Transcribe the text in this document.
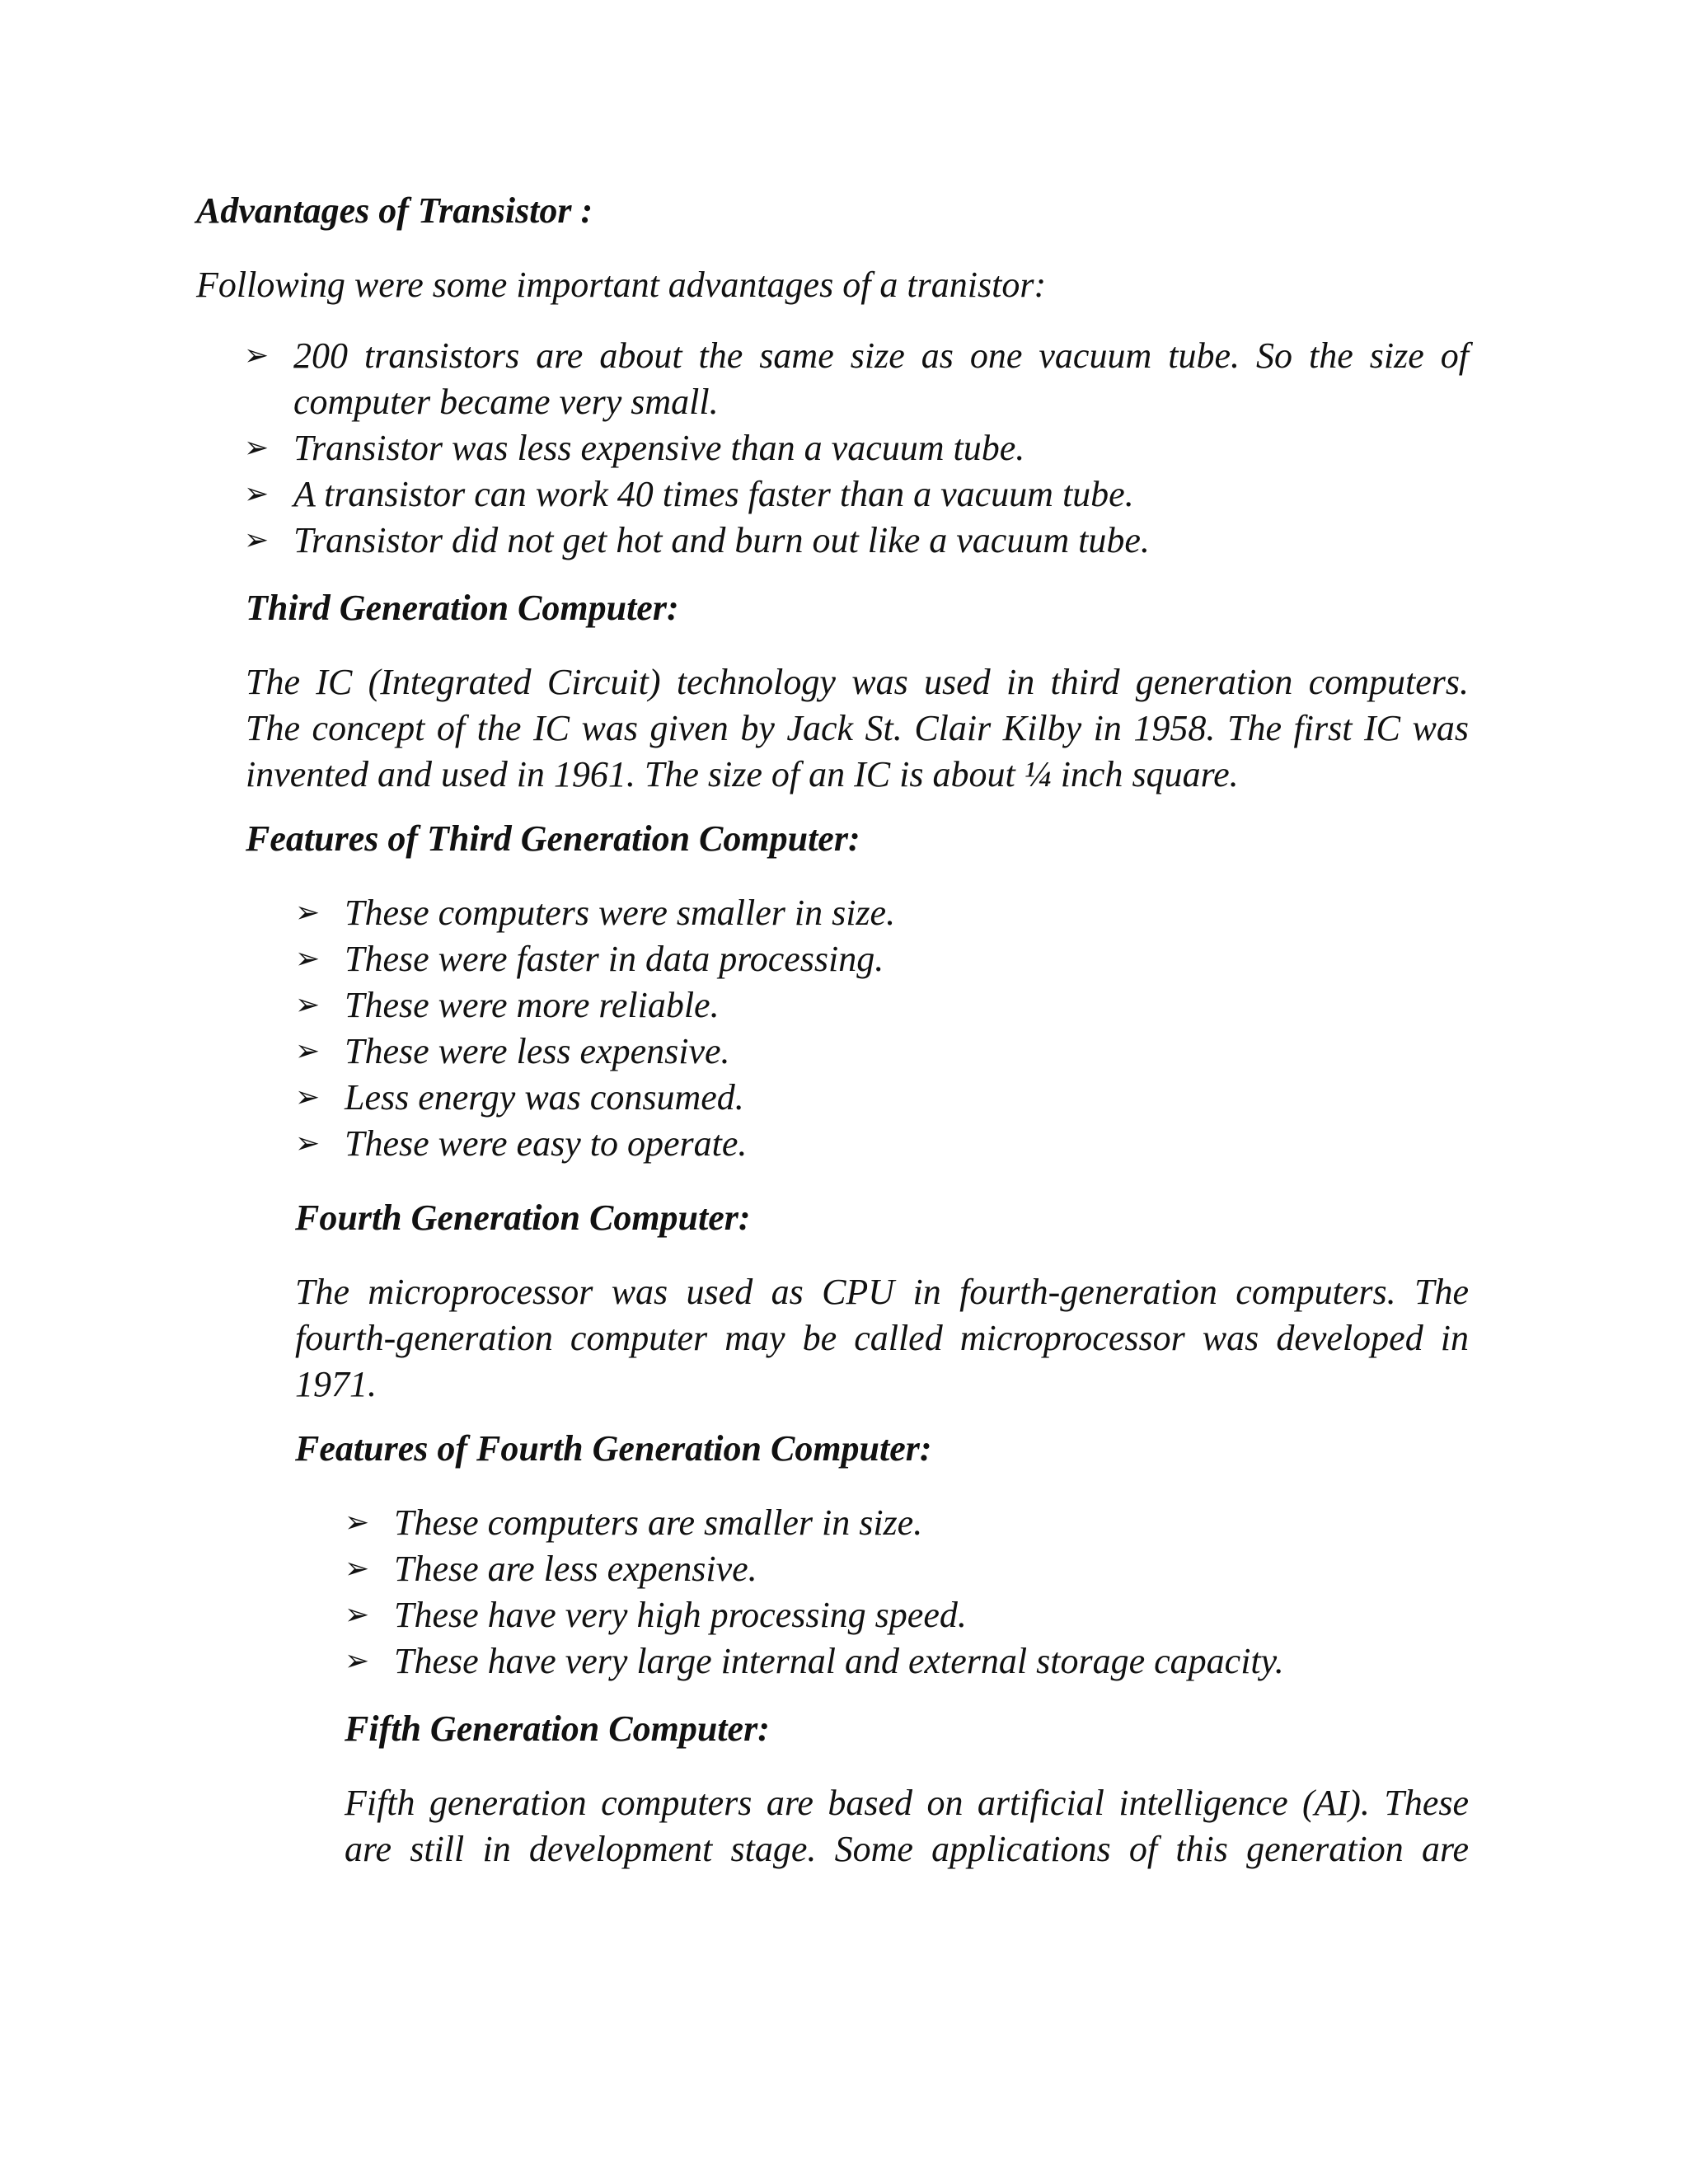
Advantages of Transistor :

Following were some important advantages of a tranistor:

➢ 200 transistors are about the same size as one vacuum tube. So the size of
computer became very small.
➢ Transistor was less expensive than a vacuum tube.
➢ A transistor can work 40 times faster than a vacuum tube.
➢ Transistor did not get hot and burn out like a vacuum tube.
Third Generation Computer:

The IC (Integrated Circuit) technology was used in third generation computers.
The concept of the IC was given by Jack St. Clair Kilby in 1958. The first IC was
invented and used in 1961. The size of an IC is about ¼ inch square.

Features of Third Generation Computer:
➢ These computers were smaller in size.
➢ These were faster in data processing.
➢ These were more reliable.
➢ These were less expensive.
➢ Less energy was consumed.
➢ These were easy to operate.
Fourth Generation Computer:

The microprocessor was used as CPU in fourth-generation computers. The
fourth-generation computer may be called microprocessor was developed in
1971.

Features of Fourth Generation Computer:
➢ These computers are smaller in size.
➢ These are less expensive.
➢ These have very high processing speed.
➢ These have very large internal and external storage capacity.
Fifth Generation Computer:

Fifth generation computers are based on artificial intelligence (AI). These
are still in development stage. Some applications of this generation are
